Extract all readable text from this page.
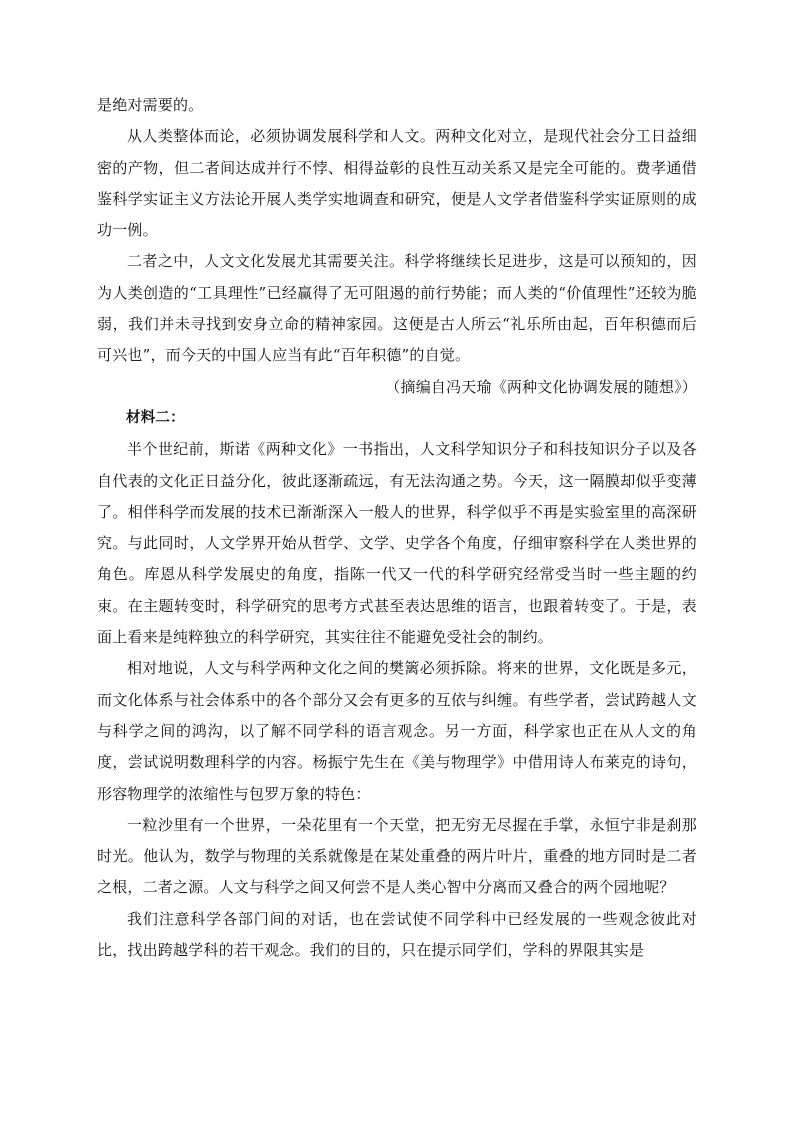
是绝对需要的。

从人类整体而论，必须协调发展科学和人文。两种文化对立，是现代社会分工日益细密的产物，但二者间达成并行不悖、相得益彰的良性互动关系又是完全可能的。费孝通借鉴科学实证主义方法论开展人类学实地调查和研究，便是人文学者借鉴科学实证原则的成功一例。

二者之中，人文文化发展尤其需要关注。科学将继续长足进步，这是可以预知的，因为人类创造的“工具理性”已经赢得了无可阻遏的前行势能；而人类的“价值理性”还较为脆弱，我们并未寻找到安身立命的精神家园。这便是古人所云“礼乐所由起，百年积德而后可兴也”，而今天的中国人应当有此“百年积德”的自觉。

（摘编自冯天瑜《两种文化协调发展的随想》）

材料二：

半个世纪前，斯诺《两种文化》一书指出，人文科学知识分子和科技知识分子以及各自代表的文化正日益分化，彼此逐渐疏远，有无法沟通之势。今天，这一隔膜却似乎变薄了。相伴科学而发展的技术已渐渐深入一般人的世界，科学似乎不再是实验室里的高深研究。与此同时，人文学界开始从哲学、文学、史学各个角度，仔细审察科学在人类世界的角色。库恩从科学发展史的角度，指陈一代又一代的科学研究经常受当时一些主题的约束。在主题转变时，科学研究的思考方式甚至表达思维的语言，也跟着转变了。于是，表面上看来是纯粹独立的科学研究，其实往往不能避免受社会的制约。

相对地说，人文与科学两种文化之间的樊篱必须拆除。将来的世界，文化既是多元，而文化体系与社会体系中的各个部分又会有更多的互依与纠缠。有些学者，尝试跨越人文与科学之间的鸿沟，以了解不同学科的语言观念。另一方面，科学家也正在从人文的角度，尝试说明数理科学的内容。杨振宁先生在《美与物理学》中借用诗人布莱克的诗句，形容物理学的浓缩性与包罗万象的特色：

一粒沙里有一个世界，一朵花里有一个天堂，把无穷无尽握在手掌，永恒宁非是刹那时光。他认为，数学与物理的关系就像是在某处重叠的两片叶片，重叠的地方同时是二者之根，二者之源。人文与科学之间又何尝不是人类心智中分离而又叠合的两个园地呢？

我们注意科学各部门间的对话，也在尝试使不同学科中已经发展的一些观念彼此对比，找出跨越学科的若干观念。我们的目的，只在提示同学们，学科的界限其实是
